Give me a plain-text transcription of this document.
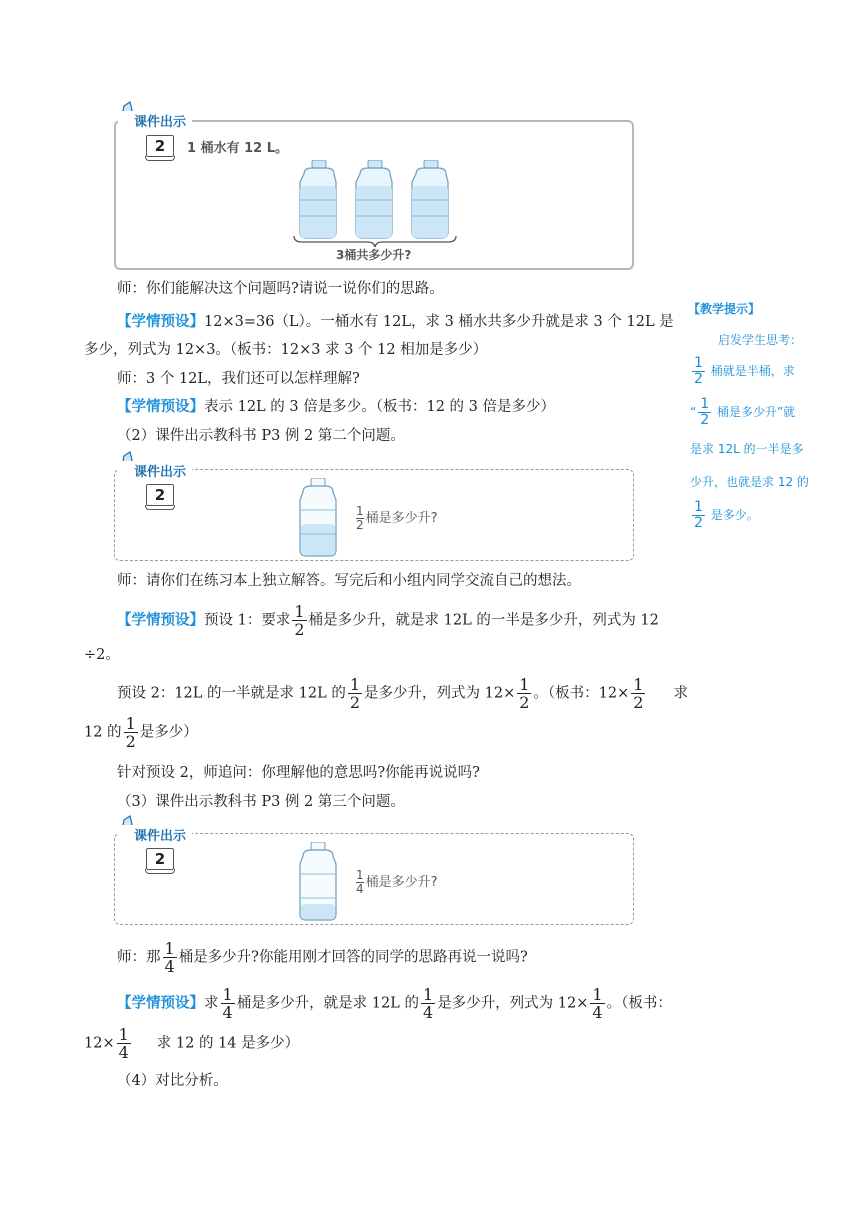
课件出示
2	1 桶水有 12 L。
3桶共多少升?
师：你们能解决这个问题吗?请说一说你们的思路。
【学情预设】12×3=36（L）。一桶水有 12L，求 3 桶水共多少升就是求 3 个 12L 是
多少，列式为 12×3。（板书：12×3 求 3 个 12 相加是多少）
师：3 个 12L，我们还可以怎样理解?
【学情预设】表示 12L 的 3 倍是多少。（板书：12 的 3 倍是多少）
（2）课件出示教科书 P3 例 2 第二个问题。
课件出示
2
$\frac{1}{2}$ 桶是多少升?
师：请你们在练习本上独立解答。写完后和小组内同学交流自己的想法。
【学情预设】预设 1：要求 $\frac{1}{2}$ 桶是多少升，就是求 12L 的一半是多少升，列式为 12
÷2。
预设 2：12L 的一半就是求 12L 的 $\frac{1}{2}$ 是多少升，列式为 $12\times \frac{1}{2}$ 。（板书：$12\times \frac{1}{2}$ 求
12 的 $\frac{1}{2}$ 是多少）
针对预设 2，师追问：你理解他的意思吗?你能再说说吗?
（3）课件出示教科书 P3 例 2 第三个问题。
课件出示
2
$\frac{1}{4}$ 桶是多少升?
师：那 $\frac{1}{4}$ 桶是多少升?你能用刚才回答的同学的思路再说一说吗?
【学情预设】求 $\frac{1}{4}$ 桶是多少升，就是求 12L 的 $\frac{1}{4}$ 是多少升，列式为 $12\times \frac{1}{4}$ 。（板书：
$12\times \frac{1}{4}$ 求 12 的 14 是多少）
（4）对比分析。
【教学提示】
启发学生思考：
$\frac{1}{2}$ 桶就是半桶，求
“ $\frac{1}{2}$ 桶是多少升”就
是求 12L 的一半是多
少升，也就是求 12 的
$\frac{1}{2}$ 是多少。
